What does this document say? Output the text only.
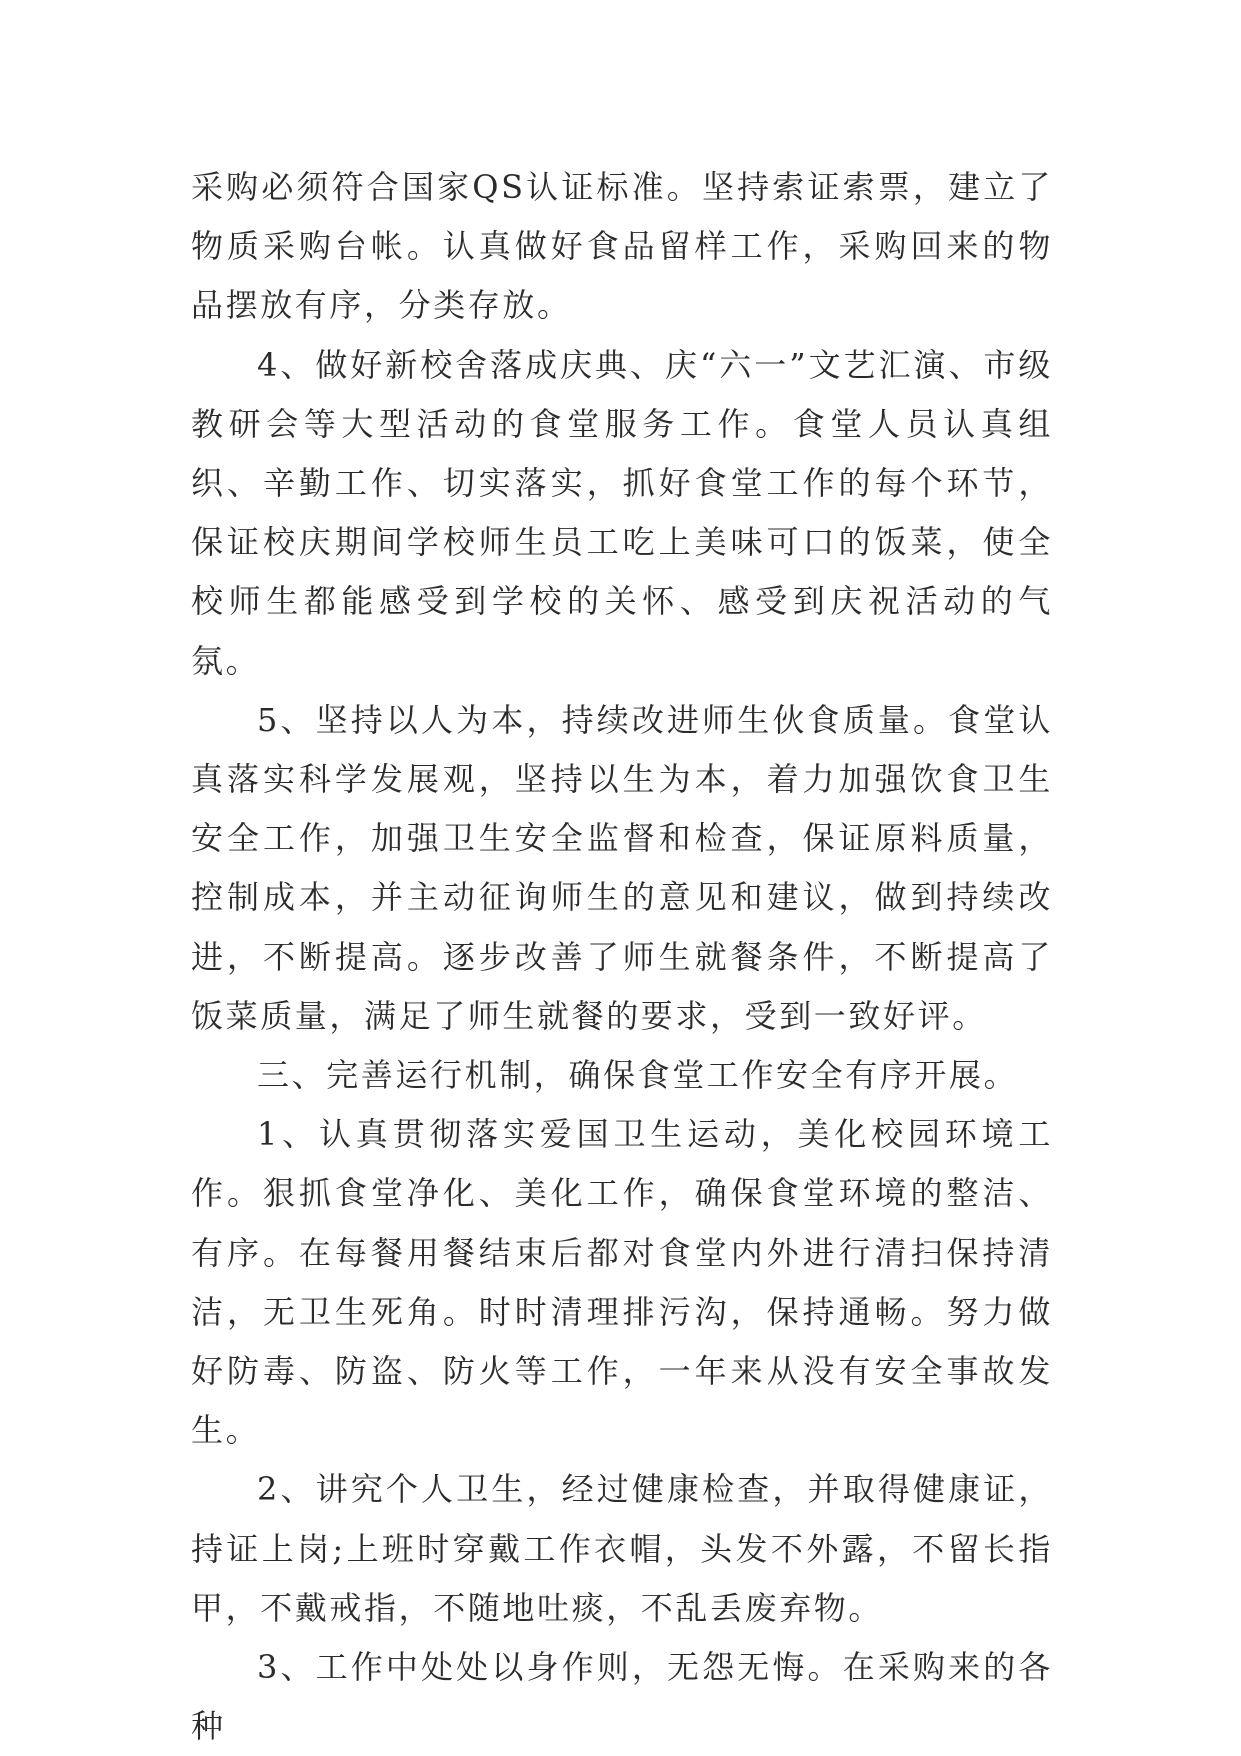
采购必须符合国家QS认证标准。坚持索证索票，建立了物质采购台帐。认真做好食品留样工作，采购回来的物品摆放有序，分类存放。

4、做好新校舍落成庆典、庆“六一”文艺汇演、市级教研会等大型活动的食堂服务工作。食堂人员认真组织、辛勤工作、切实落实，抓好食堂工作的每个环节，保证校庆期间学校师生员工吃上美味可口的饭菜，使全校师生都能感受到学校的关怀、感受到庆祝活动的气氛。

5、坚持以人为本，持续改进师生伙食质量。食堂认真落实科学发展观，坚持以生为本，着力加强饮食卫生安全工作，加强卫生安全监督和检查，保证原料质量，控制成本，并主动征询师生的意见和建议，做到持续改进，不断提高。逐步改善了师生就餐条件，不断提高了饭菜质量，满足了师生就餐的要求，受到一致好评。

三、完善运行机制，确保食堂工作安全有序开展。

1、认真贯彻落实爱国卫生运动，美化校园环境工作。狠抓食堂净化、美化工作，确保食堂环境的整洁、有序。在每餐用餐结束后都对食堂内外进行清扫保持清洁，无卫生死角。时时清理排污沟，保持通畅。努力做好防毒、防盗、防火等工作，一年来从没有安全事故发生。

2、讲究个人卫生，经过健康检查，并取得健康证，持证上岗;上班时穿戴工作衣帽，头发不外露，不留长指甲，不戴戒指，不随地吐痰，不乱丢废弃物。

3、工作中处处以身作则，无怨无悔。在采购来的各种
